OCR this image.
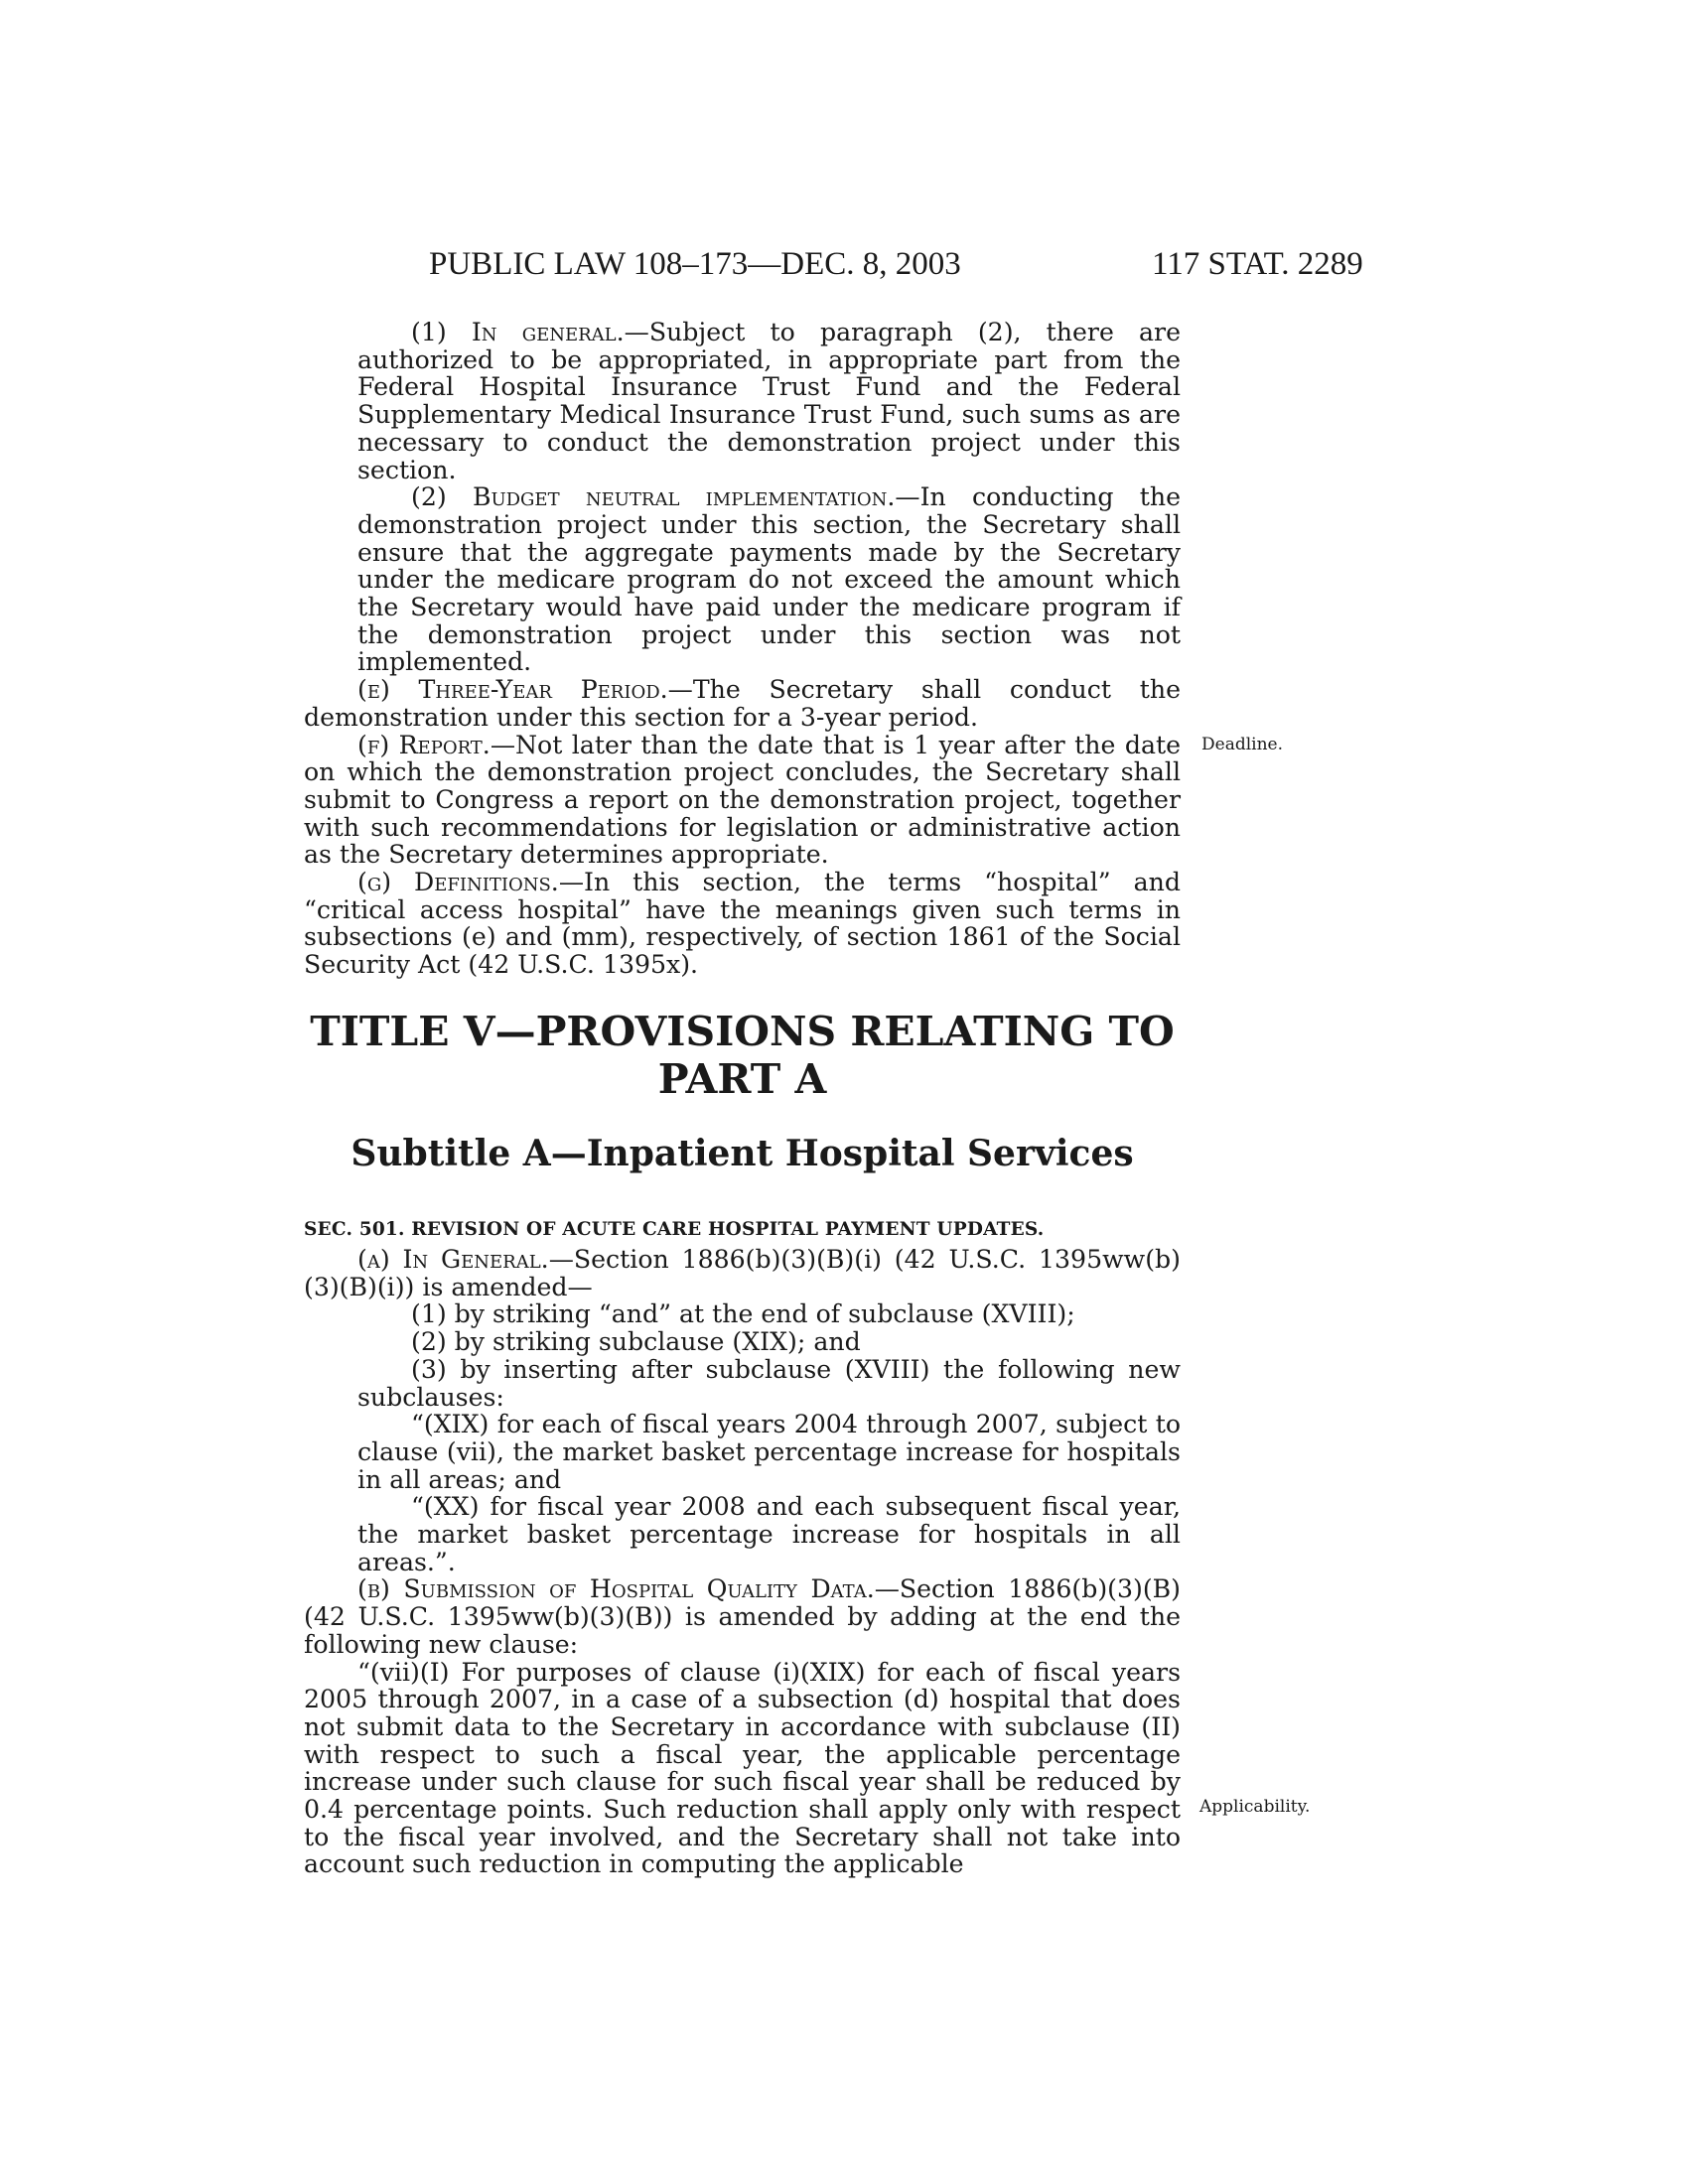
PUBLIC LAW 108–173—DEC. 8, 2003	117 STAT. 2289

(1) In general.—Subject to paragraph (2), there are authorized to be appropriated, in appropriate part from the Federal Hospital Insurance Trust Fund and the Federal Supplementary Medical Insurance Trust Fund, such sums as are necessary to conduct the demonstration project under this section.

(2) Budget neutral implementation.—In conducting the demonstration project under this section, the Secretary shall ensure that the aggregate payments made by the Secretary under the medicare program do not exceed the amount which the Secretary would have paid under the medicare program if the demonstration project under this section was not implemented.

(e) Three-Year Period.—The Secretary shall conduct the demonstration under this section for a 3-year period.

(f) Report.—Not later than the date that is 1 year after the date on which the demonstration project concludes, the Secretary shall submit to Congress a report on the demonstration project, together with such recommendations for legislation or administrative action as the Secretary determines appropriate.

(g) Definitions.—In this section, the terms “hospital” and “critical access hospital” have the meanings given such terms in subsections (e) and (mm), respectively, of section 1861 of the Social Security Act (42 U.S.C. 1395x).

Deadline.
TITLE V—PROVISIONS RELATING TO
PART A
Subtitle A—Inpatient Hospital Services
SEC. 501. REVISION OF ACUTE CARE HOSPITAL PAYMENT UPDATES.

(a) In General.—Section 1886(b)(3)(B)(i) (42 U.S.C. 1395ww(b)(3)(B)(i)) is amended—

(1) by striking “and” at the end of subclause (XVIII);

(2) by striking subclause (XIX); and

(3) by inserting after subclause (XVIII) the following new subclauses:

“(XIX) for each of fiscal years 2004 through 2007, subject to clause (vii), the market basket percentage increase for hospitals in all areas; and

“(XX) for fiscal year 2008 and each subsequent fiscal year, the market basket percentage increase for hospitals in all areas.”.

(b) Submission of Hospital Quality Data.—Section 1886(b)(3)(B) (42 U.S.C. 1395ww(b)(3)(B)) is amended by adding at the end the following new clause:

“(vii)(I) For purposes of clause (i)(XIX) for each of fiscal years 2005 through 2007, in a case of a subsection (d) hospital that does not submit data to the Secretary in accordance with subclause (II) with respect to such a fiscal year, the applicable percentage increase under such clause for such fiscal year shall be reduced by 0.4 percentage points. Such reduction shall apply only with respect to the fiscal year involved, and the Secretary shall not take into account such reduction in computing the applicable

Applicability.
